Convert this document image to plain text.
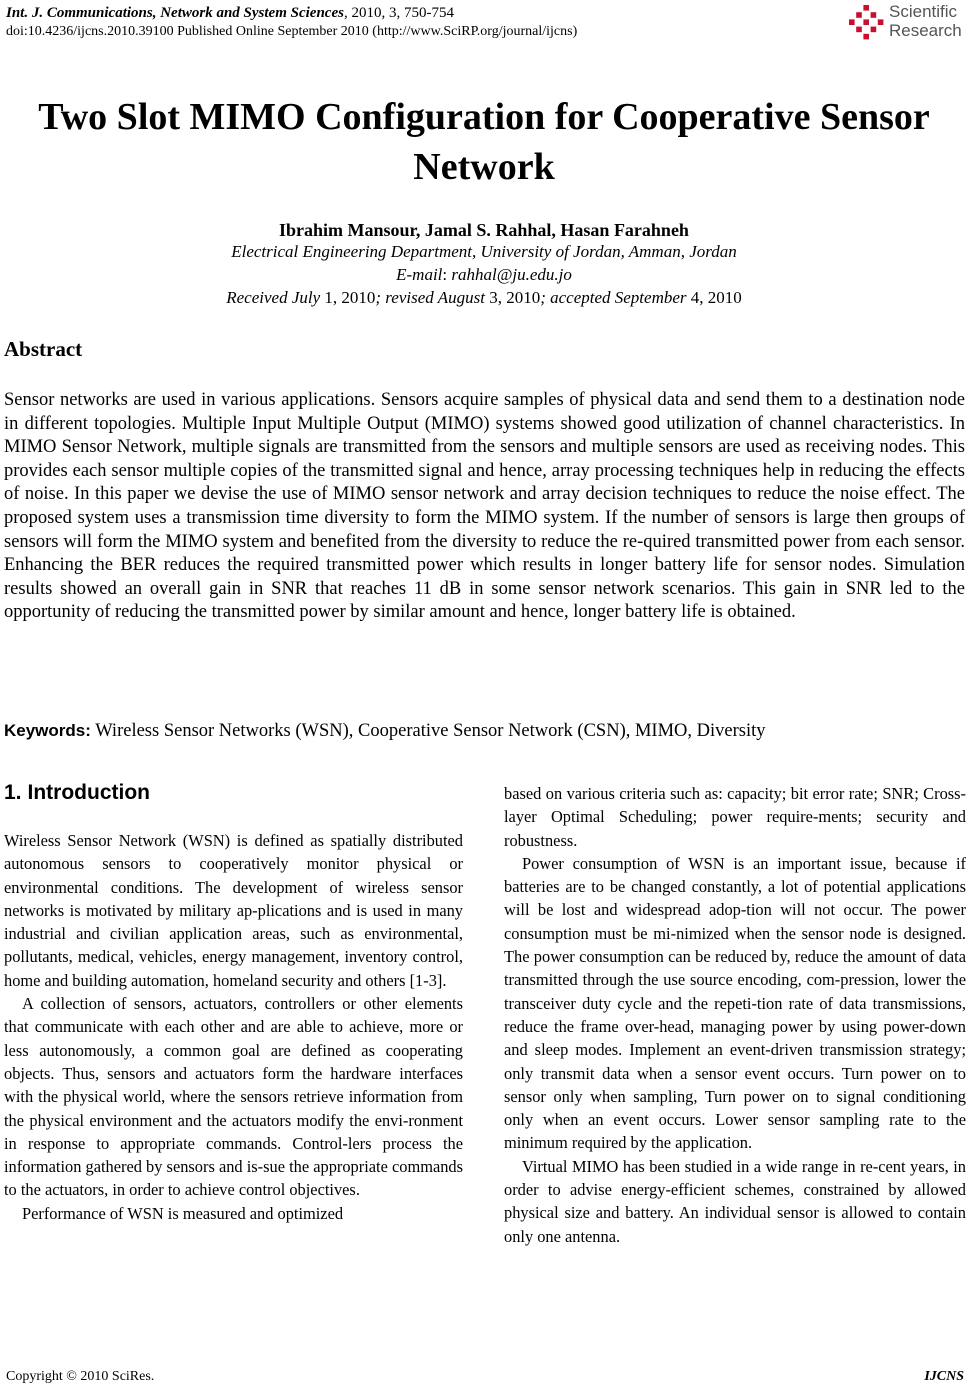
Int. J. Communications, Network and System Sciences, 2010, 3, 750-754
doi:10.4236/ijcns.2010.39100 Published Online September 2010 (http://www.SciRP.org/journal/ijcns)
Scientific
Research
Two Slot MIMO Configuration for Cooperative Sensor
Network
Ibrahim Mansour, Jamal S. Rahhal, Hasan Farahneh
Electrical Engineering Department, University of Jordan, Amman, Jordan
E-mail: rahhal@ju.edu.jo
Received July 1, 2010; revised August 3, 2010; accepted September 4, 2010
Abstract
Sensor networks are used in various applications. Sensors acquire samples of physical data and send them to a destination node in different topologies. Multiple Input Multiple Output (MIMO) systems showed good utilization of channel characteristics. In MIMO Sensor Network, multiple signals are transmitted from the sensors and multiple sensors are used as receiving nodes. This provides each sensor multiple copies of the transmitted signal and hence, array processing techniques help in reducing the effects of noise. In this paper we devise the use of MIMO sensor network and array decision techniques to reduce the noise effect. The proposed system uses a transmission time diversity to form the MIMO system. If the number of sensors is large then groups of sensors will form the MIMO system and benefited from the diversity to reduce the re-quired transmitted power from each sensor. Enhancing the BER reduces the required transmitted power which results in longer battery life for sensor nodes. Simulation results showed an overall gain in SNR that reaches 11 dB in some sensor network scenarios. This gain in SNR led to the opportunity of reducing the transmitted power by similar amount and hence, longer battery life is obtained.
Keywords: Wireless Sensor Networks (WSN), Cooperative Sensor Network (CSN), MIMO, Diversity
1. Introduction

Wireless Sensor Network (WSN) is defined as spatially distributed autonomous sensors to cooperatively monitor physical or environmental conditions. The development of wireless sensor networks is motivated by military ap-plications and is used in many industrial and civilian application areas, such as environmental, pollutants, medical, vehicles, energy management, inventory control, home and building automation, homeland security and others [1-3].

A collection of sensors, actuators, controllers or other elements that communicate with each other and are able to achieve, more or less autonomously, a common goal are defined as cooperating objects. Thus, sensors and actuators form the hardware interfaces with the physical world, where the sensors retrieve information from the physical environment and the actuators modify the envi-ronment in response to appropriate commands. Control-lers process the information gathered by sensors and is-sue the appropriate commands to the actuators, in order to achieve control objectives.

Performance of WSN is measured and optimized

based on various criteria such as: capacity; bit error rate; SNR; Cross-layer Optimal Scheduling; power require-ments; security and robustness.

Power consumption of WSN is an important issue, because if batteries are to be changed constantly, a lot of potential applications will be lost and widespread adop-tion will not occur. The power consumption must be mi-nimized when the sensor node is designed. The power consumption can be reduced by, reduce the amount of data transmitted through the use source encoding, com-pression, lower the transceiver duty cycle and the repeti-tion rate of data transmissions, reduce the frame over-head, managing power by using power-down and sleep modes. Implement an event-driven transmission strategy; only transmit data when a sensor event occurs. Turn power on to sensor only when sampling, Turn power on to signal conditioning only when an event occurs. Lower sensor sampling rate to the minimum required by the application.

Virtual MIMO has been studied in a wide range in re-cent years, in order to advise energy-efficient schemes, constrained by allowed physical size and battery. An individual sensor is allowed to contain only one antenna.

Copyright © 2010 SciRes.	IJCNS
